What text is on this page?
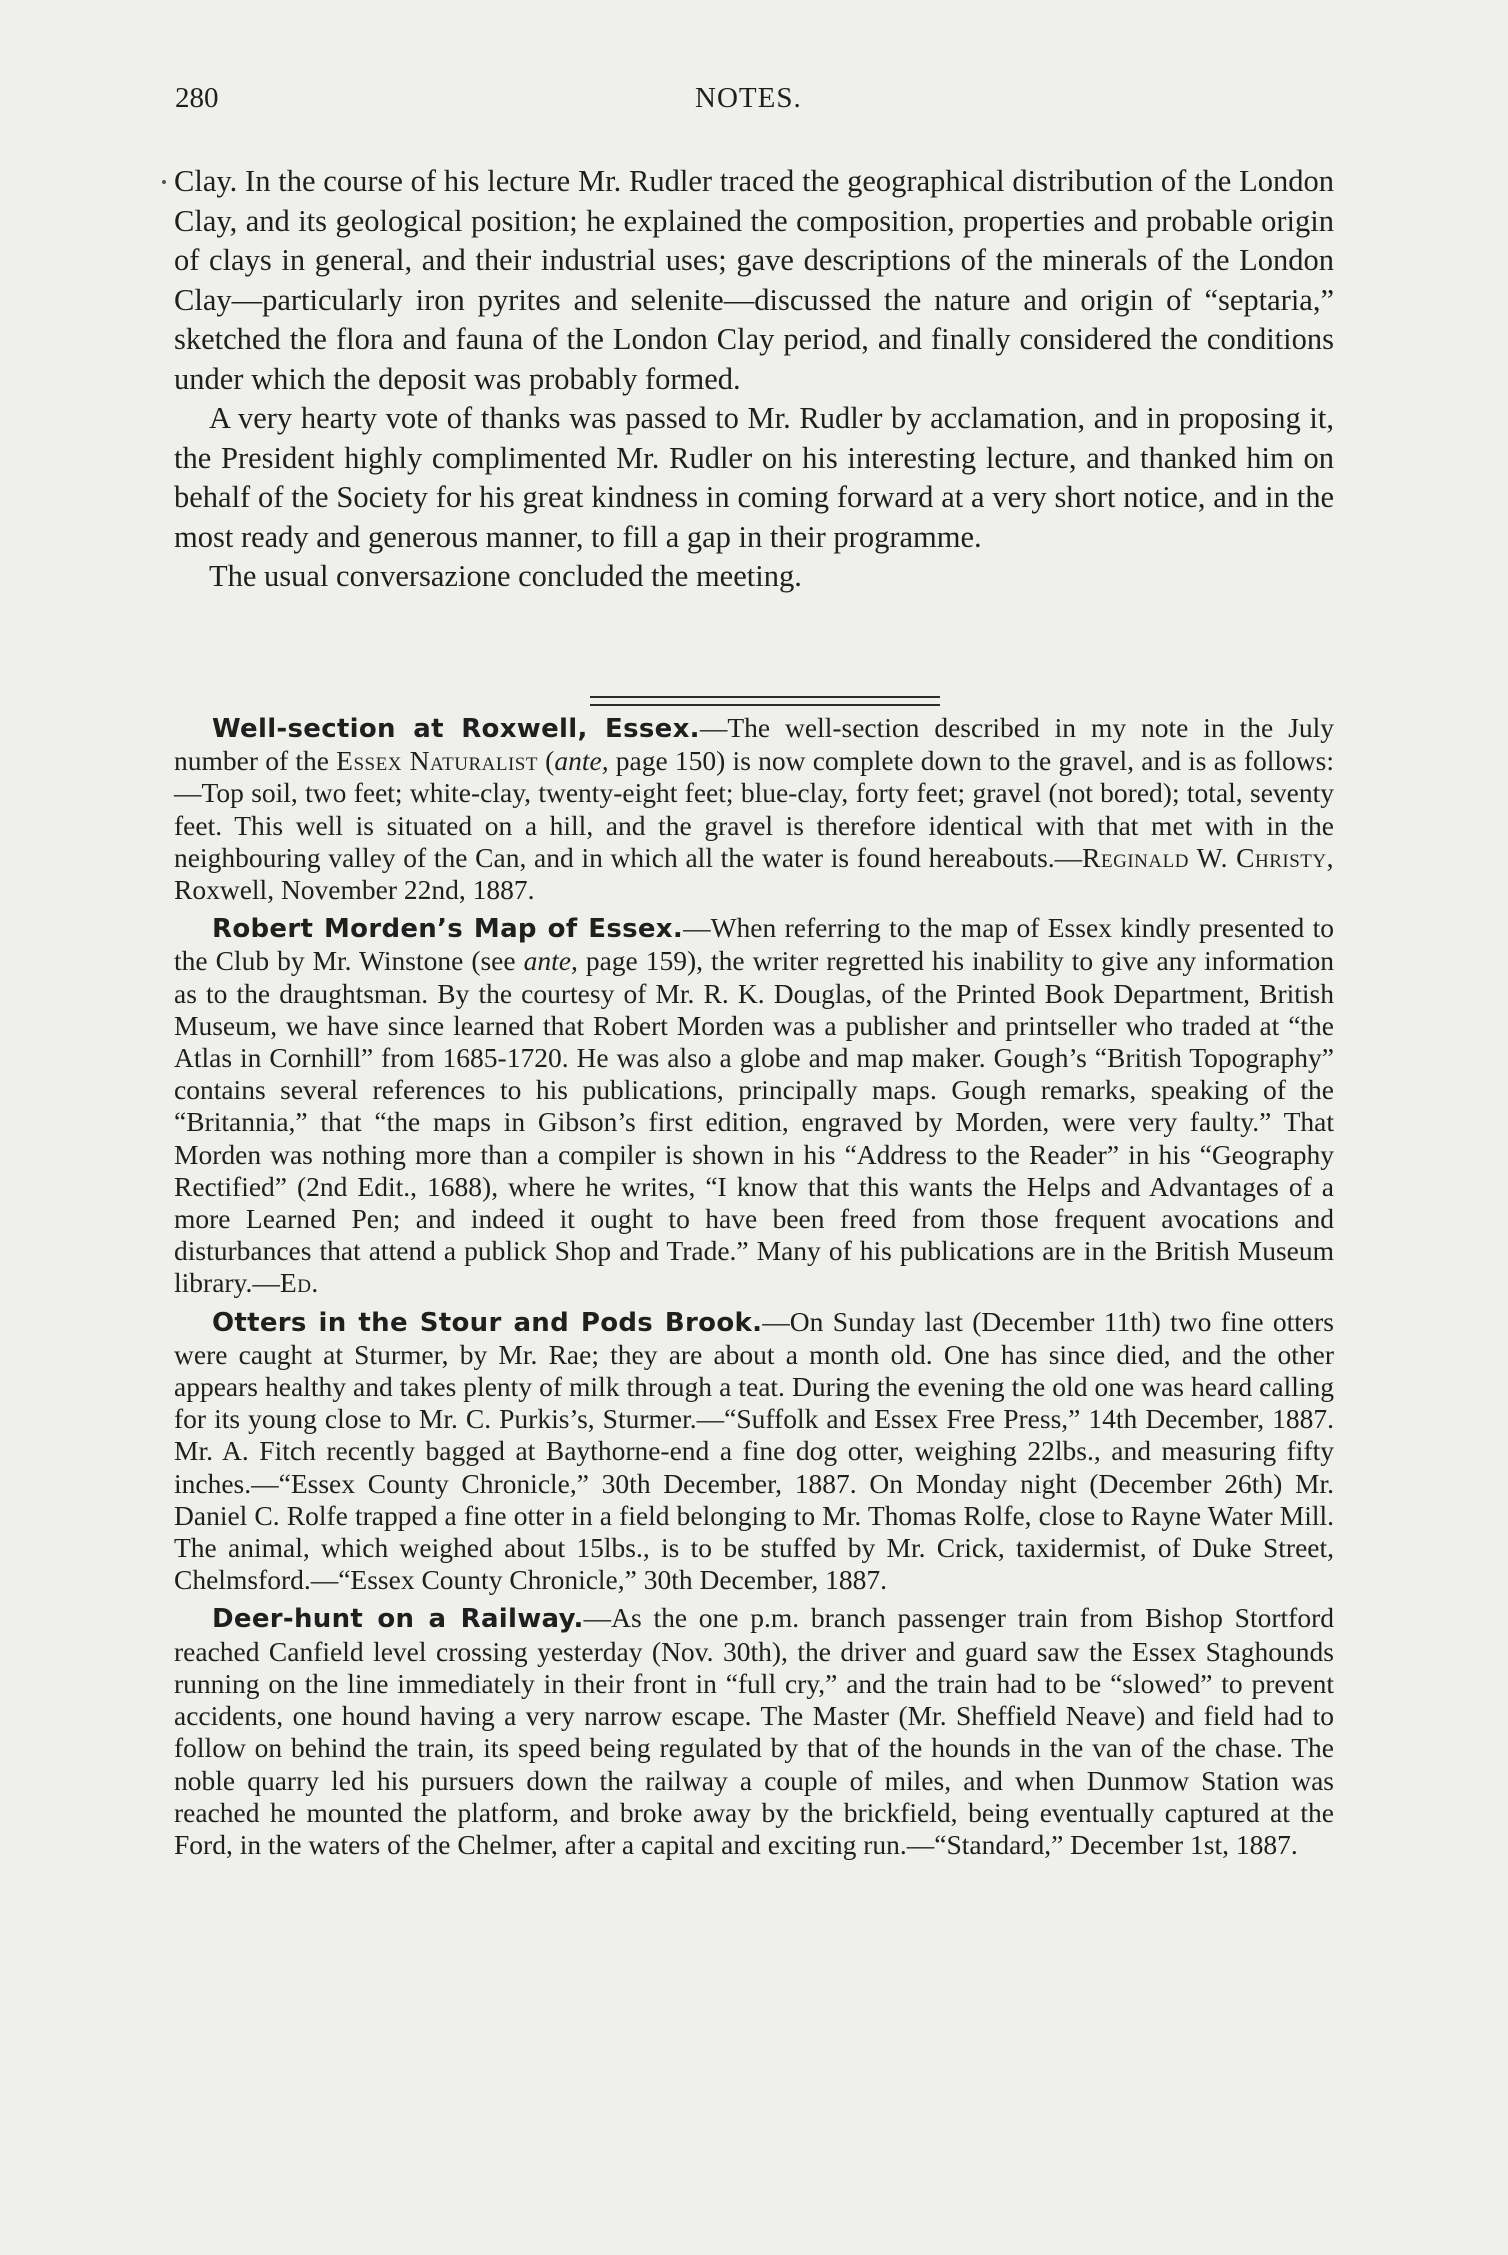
280	NOTES.

Clay. In the course of his lecture Mr. Rudler traced the geographical distribution of the London Clay, and its geological position; he explained the composition, properties and probable origin of clays in general, and their industrial uses; gave descriptions of the minerals of the London Clay—particularly iron pyrites and selenite—discussed the nature and origin of “septaria,” sketched the flora and fauna of the London Clay period, and finally considered the conditions under which the deposit was probably formed.

A very hearty vote of thanks was passed to Mr. Rudler by acclamation, and in proposing it, the President highly complimented Mr. Rudler on his interesting lecture, and thanked him on behalf of the Society for his great kindness in coming forward at a very short notice, and in the most ready and generous manner, to fill a gap in their programme.

The usual conversazione concluded the meeting.

Well-section at Roxwell, Essex.—The well-section described in my note in the July number of the Essex Naturalist (ante, page 150) is now complete down to the gravel, and is as follows:—Top soil, two feet; white-clay, twenty-eight feet; blue-clay, forty feet; gravel (not bored); total, seventy feet. This well is situated on a hill, and the gravel is therefore identical with that met with in the neighbouring valley of the Can, and in which all the water is found hereabouts.—Reginald W. Christy, Roxwell, November 22nd, 1887.

Robert Morden’s Map of Essex.—When referring to the map of Essex kindly presented to the Club by Mr. Winstone (see ante, page 159), the writer regretted his inability to give any information as to the draughtsman. By the courtesy of Mr. R. K. Douglas, of the Printed Book Department, British Museum, we have since learned that Robert Morden was a publisher and printseller who traded at “the Atlas in Cornhill” from 1685-1720. He was also a globe and map maker. Gough’s “British Topography” contains several references to his publications, principally maps. Gough remarks, speaking of the “Britannia,” that “the maps in Gibson’s first edition, engraved by Morden, were very faulty.” That Morden was nothing more than a compiler is shown in his “Address to the Reader” in his “Geography Rectified” (2nd Edit., 1688), where he writes, “I know that this wants the Helps and Advantages of a more Learned Pen; and indeed it ought to have been freed from those frequent avocations and disturbances that attend a publick Shop and Trade.” Many of his publications are in the British Museum library.—Ed.

Otters in the Stour and Pods Brook.—On Sunday last (December 11th) two fine otters were caught at Sturmer, by Mr. Rae; they are about a month old. One has since died, and the other appears healthy and takes plenty of milk through a teat. During the evening the old one was heard calling for its young close to Mr. C. Purkis’s, Sturmer.—“Suffolk and Essex Free Press,” 14th December, 1887. Mr. A. Fitch recently bagged at Baythorne-end a fine dog otter, weighing 22lbs., and measuring fifty inches.—“Essex County Chronicle,” 30th December, 1887. On Monday night (December 26th) Mr. Daniel C. Rolfe trapped a fine otter in a field belonging to Mr. Thomas Rolfe, close to Rayne Water Mill. The animal, which weighed about 15lbs., is to be stuffed by Mr. Crick, taxidermist, of Duke Street, Chelmsford.—“Essex County Chronicle,” 30th December, 1887.

Deer-hunt on a Railway.—As the one p.m. branch passenger train from Bishop Stortford reached Canfield level crossing yesterday (Nov. 30th), the driver and guard saw the Essex Staghounds running on the line immediately in their front in “full cry,” and the train had to be “slowed” to prevent accidents, one hound having a very narrow escape. The Master (Mr. Sheffield Neave) and field had to follow on behind the train, its speed being regulated by that of the hounds in the van of the chase. The noble quarry led his pursuers down the railway a couple of miles, and when Dunmow Station was reached he mounted the platform, and broke away by the brickfield, being eventually captured at the Ford, in the waters of the Chelmer, after a capital and exciting run.—“Standard,” December 1st, 1887.
